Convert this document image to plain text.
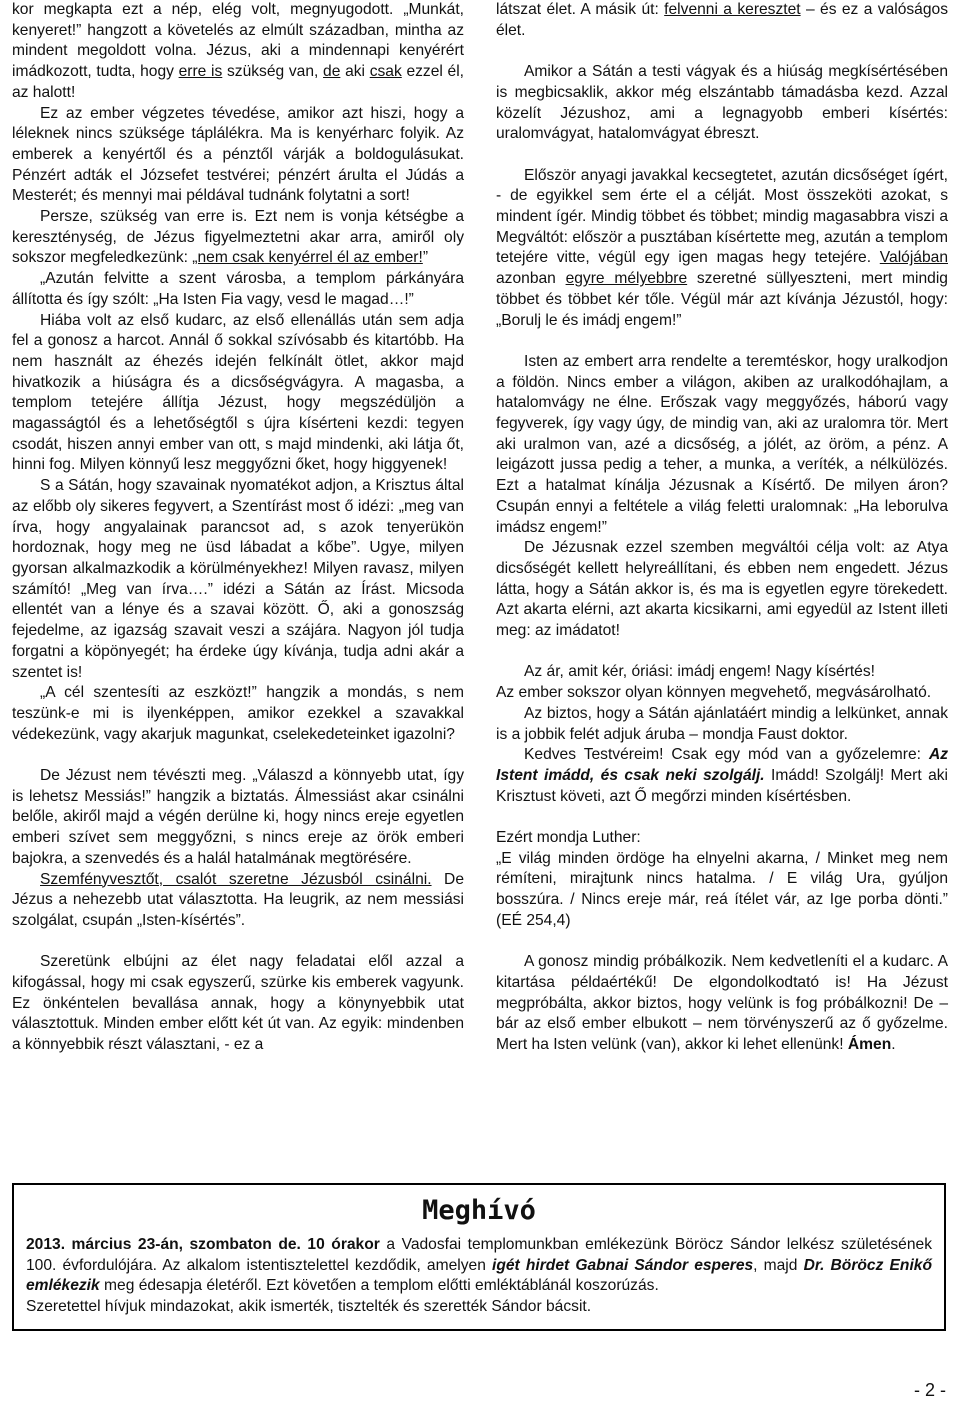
kor megkapta ezt a nép, elég volt, megnyugodott. „Munkát, kenyeret!” hangzott a követelés az elmúlt században, mintha az mindent megoldott volna. Jézus, aki a mindennapi kenyérért imádkozott, tudta, hogy erre is szükség van, de aki csak ezzel él, az halott!

Ez az ember végzetes tévedése, amikor azt hiszi, hogy a léleknek nincs szüksége táplálékra. Ma is kenyérharc folyik. Az emberek a kenyértől és a pénztől várják a boldogulásukat. Pénzért adták el Józsefet testvérei; pénzért árulta el Júdás a Mesterét; és mennyi mai példával tudnánk folytatni a sort!

Persze, szükség van erre is. Ezt nem is vonja kétségbe a kereszténység, de Jézus figyelmeztetni akar arra, amiről oly sokszor megfeledkezünk: „nem csak kenyérrel él az ember!”

„Azután felvitte a szent városba, a templom párkányára állította és így szólt: „Ha Isten Fia vagy, vesd le magad…!”

Hiába volt az első kudarc, az első ellenállás után sem adja fel a gonosz a harcot. Annál ő sokkal szívósabb és kitartóbb. Ha nem használt az éhezés idején felkínált ötlet, akkor majd hivatkozik a hiúságra és a dicsőségvágyra. A magasba, a templom tetejére állítja Jézust, hogy megszédüljön a magasságtól és a lehetőségtől s újra kísérteni kezdi: tegyen csodát, hiszen annyi ember van ott, s majd mindenki, aki látja őt, hinni fog. Milyen könnyű lesz meggyőzni őket, hogy higgyenek!

S a Sátán, hogy szavainak nyomatékot adjon, a Krisztus által az előbb oly sikeres fegyvert, a Szentírást most ő idézi: „meg van írva, hogy angyalainak parancsot ad, s azok tenyerükön hordoznak, hogy meg ne üsd lábadat a kőbe”. Ugye, milyen gyorsan alkalmazkodik a körülményekhez! Milyen ravasz, milyen számító! „Meg van írva….” idézi a Sátán az Írást. Micsoda ellentét van a lénye és a szavai között. Ő, aki a gonoszság fejedelme, az igazság szavait veszi a szájára. Nagyon jól tudja forgatni a köpönyegét; ha érdeke úgy kívánja, tudja adni akár a szentet is!

„A cél szentesíti az eszközt!” hangzik a mondás, s nem teszünk-e mi is ilyenképpen, amikor ezekkel a szavakkal védekezünk, vagy akarjuk magunkat, cselekedeteinket igazolni?

De Jézust nem tévészti meg. „Válaszd a könnyebb utat, így is lehetsz Messiás!” hangzik a biztatás. Álmessiást akar csinálni belőle, akiről majd a végén derülne ki, hogy nincs ereje egyetlen emberi szívet sem meggyőzni, s nincs ereje az örök emberi bajokra, a szenvedés és a halál hatalmának megtörésére.

Szemfényvesztőt, csalót szeretne Jézusból csinálni. De Jézus a nehezebb utat választotta. Ha leugrik, az nem messiási szolgálat, csupán „Isten-kísértés”.

Szeretünk elbújni az élet nagy feladatai elől azzal a kifogással, hogy mi csak egyszerű, szürke kis emberek vagyunk. Ez önkéntelen bevallása annak, hogy a könynyebbik utat választottuk. Minden ember előtt két út van. Az egyik: mindenben a könnyebbik részt választani, - ez a

látszat élet. A másik út: felvenni a keresztet – és ez a valóságos élet.

Amikor a Sátán a testi vágyak és a hiúság megkísértésében is megbicsaklik, akkor még elszántabb támadásba kezd. Azzal közelít Jézushoz, ami a legnagyobb emberi kísértés: uralomvágyat, hatalomvágyat ébreszt.

Először anyagi javakkal kecsegtetet, azután dicsőséget ígért, - de egyikkel sem érte el a célját. Most összeköti azokat, s mindent ígér. Mindig többet és többet; mindig magasabbra viszi a Megváltót: először a pusztában kísértette meg, azután a templom tetejére vitte, végül egy igen magas hegy tetejére. Valójában azonban egyre mélyebbre szeretné süllyeszteni, mert mindig többet és többet kér tőle. Végül már azt kívánja Jézustól, hogy: „Borulj le és imádj engem!”

Isten az embert arra rendelte a teremtéskor, hogy uralkodjon a földön. Nincs ember a világon, akiben az uralkodóhajlam, a hatalomvágy ne élne. Erőszak vagy meggyőzés, háború vagy fegyverek, így vagy úgy, de mindig van, aki az uralomra tör. Mert aki uralmon van, azé a dicsőség, a jólét, az öröm, a pénz. A leigázott jussa pedig a teher, a munka, a veríték, a nélkülözés. Ezt a hatalmat kínálja Jézusnak a Kísértő. De milyen áron? Csupán ennyi a feltétele a világ feletti uralomnak: „Ha leborulva imádsz engem!”

De Jézusnak ezzel szemben megváltói célja volt: az Atya dicsőségét kellett helyreállítani, és ebben nem engedett. Jézus látta, hogy a Sátán akkor is, és ma is egyetlen egyre törekedett. Azt akarta elérni, azt akarta kicsikarni, ami egyedül az Istent illeti meg: az imádatot!

Az ár, amit kér, óriási: imádj engem! Nagy kísértés!

Az ember sokszor olyan könnyen megvehető, megvásárolható.

Az biztos, hogy a Sátán ajánlatáért mindig a lelkünket, annak is a jobbik felét adjuk áruba – mondja Faust doktor.

Kedves Testvéreim! Csak egy mód van a győzelemre: Az Istent imádd, és csak neki szolgálj. Imádd! Szolgálj! Mert aki Krisztust követi, azt Ő megőrzi minden kísértésben.

Ezért mondja Luther:

„E világ minden ördöge ha elnyelni akarna, / Minket meg nem rémíteni, mirajtunk nincs hatalma. / E világ Ura, gyúljon bosszúra. / Nincs ereje már, reá ítélet vár, az Ige porba dönti.” (EÉ 254,4)

A gonosz mindig próbálkozik. Nem kedvetleníti el a kudarc. A kitartása példaértékű! De elgondolkodtató is! Ha Jézust megpróbálta, akkor biztos, hogy velünk is fog próbálkozni! De – bár az első ember elbukott – nem törvényszerű az ő győzelme. Mert ha Isten velünk (van), akkor ki lehet ellenünk! Ámen.

Meghívó

2013. március 23-án, szombaton de. 10 órakor a Vadosfai templomunkban emlékezünk Böröcz Sándor lelkész születésének 100. évfordulójára. Az alkalom istentisztelettel kezdődik, amelyen igét hirdet Gabnai Sándor esperes, majd Dr. Böröcz Enikő emlékezik meg édesapja életéről. Ezt követően a templom előtti emléktáblánál koszorúzás.

Szeretettel hívjuk mindazokat, akik ismerték, tisztelték és szerették Sándor bácsit.

- 2 -
